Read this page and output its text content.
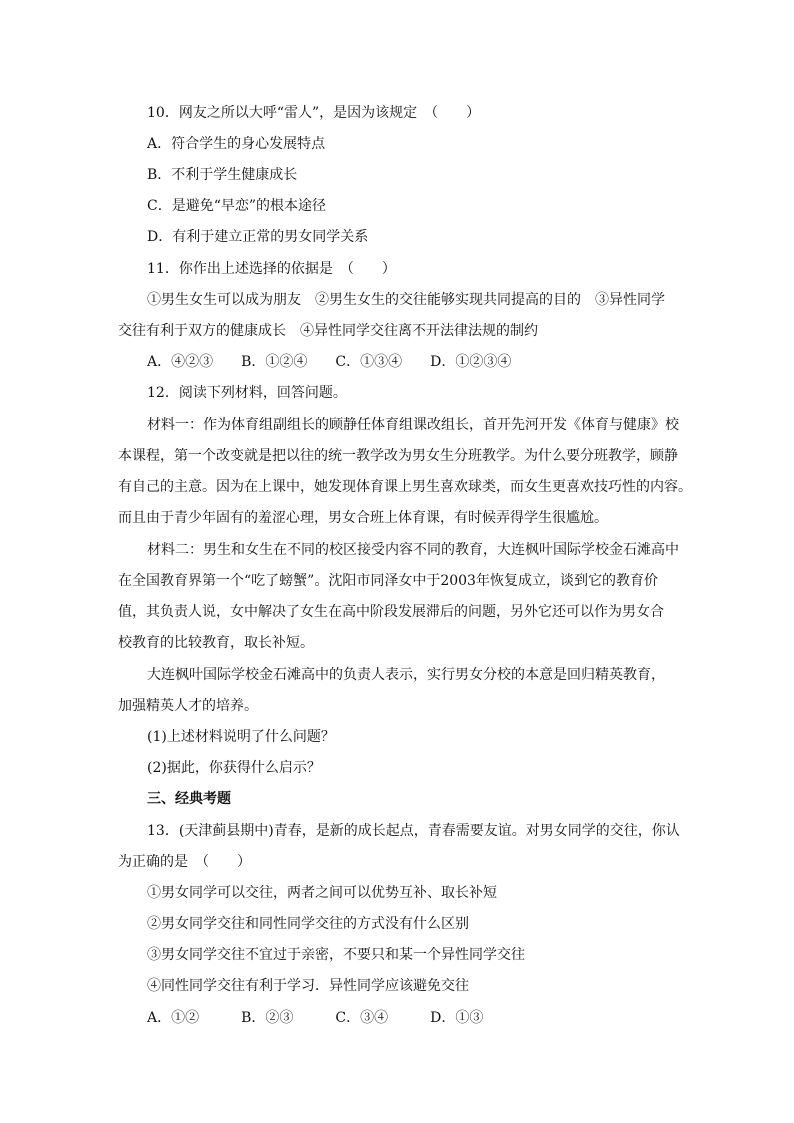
10．网友之所以大呼“雷人”，是因为该规定　（　　）
A．符合学生的身心发展特点
B．不利于学生健康成长
C．是避免“早恋”的根本途径
D．有利于建立正常的男女同学关系
11．你作出上述选择的依据是　（　　）
①男生女生可以成为朋友　②男生女生的交往能够实现共同提高的目的　③异性同学
交往有利于双方的健康成长　④异性同学交往离不开法律法规的制约
A．④②③　　B．①②④　　C．①③④　　D．①②③④
12．阅读下列材料，回答问题。
材料一：作为体育组副组长的顾静任体育组课改组长，首开先河开发《体育与健康》校
本课程，第一个改变就是把以往的统一教学改为男女生分班教学。为什么要分班教学，顾静
有自己的主意。因为在上课中，她发现体育课上男生喜欢球类，而女生更喜欢技巧性的内容。
而且由于青少年固有的羞涩心理，男女合班上体育课，有时候弄得学生很尴尬。
材料二：男生和女生在不同的校区接受内容不同的教育，大连枫叶国际学校金石滩高中
在全国教育界第一个“吃了螃蟹”。沈阳市同泽女中于2003年恢复成立，谈到它的教育价
值，其负责人说，女中解决了女生在高中阶段发展滞后的问题，另外它还可以作为男女合
校教育的比较教育，取长补短。
大连枫叶国际学校金石滩高中的负责人表示，实行男女分校的本意是回归精英教育，
加强精英人才的培养。
(1)上述材料说明了什么问题？
(2)据此，你获得什么启示？
三、经典考题
13．(天津蓟县期中)青春，是新的成长起点，青春需要友谊。对男女同学的交往，你认
为正确的是　（　　）
①男女同学可以交往，两者之间可以优势互补、取长补短
②男女同学交往和同性同学交往的方式没有什么区别
③男女同学交往不宜过于亲密，不要只和某一个异性同学交往
④同性同学交往有利于学习．异性同学应该避免交往
A．①②　　　B．②③　　　C．③④　　　D．①③
